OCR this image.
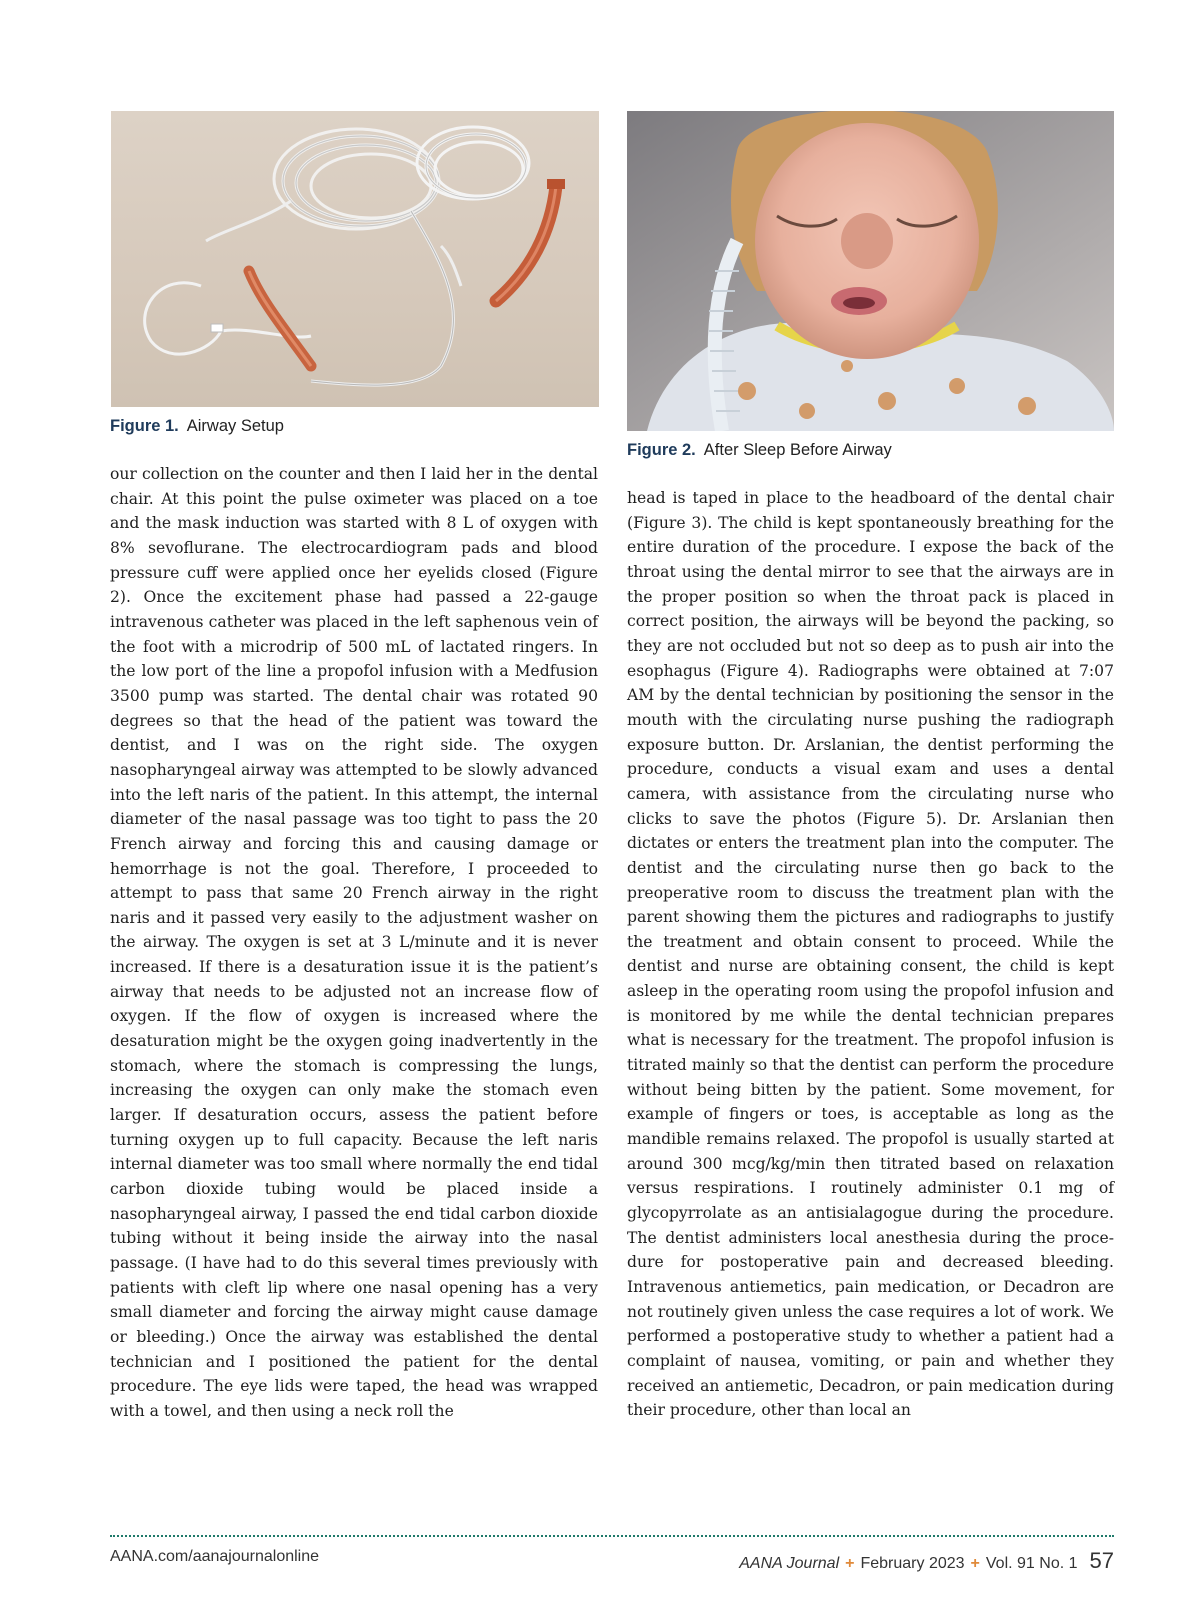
Figure 1. Airway Setup
Figure 2. After Sleep Before Airway

our collection on the counter and then I laid her in the dental chair. At this point the pulse oximeter was placed on a toe and the mask induction was started with 8 L of oxygen with 8% sevoflurane. The electrocardiogram pads and blood pressure cuff were applied once her eyelids closed (Figure 2). Once the excitement phase had passed a 22-gauge intravenous catheter was placed in the left saphenous vein of the foot with a microdrip of 500 mL of lactated ringers. In the low port of the line a propofol infusion with a Medfusion 3500 pump was started. The dental chair was rotated 90 degrees so that the head of the patient was toward the dentist, and I was on the right side. The oxygen nasopharyngeal airway was attempted to be slowly advanced into the left naris of the patient. In this attempt, the internal diameter of the nasal passage was too tight to pass the 20 French airway and forcing this and causing damage or hemorrhage is not the goal. Therefore, I proceeded to attempt to pass that same 20 French airway in the right naris and it passed very easily to the adjustment washer on the airway. The oxygen is set at 3 L/minute and it is never increased. If there is a desaturation issue it is the patient’s airway that needs to be adjusted not an increase flow of oxygen. If the flow of oxygen is increased where the desaturation might be the oxygen going inadvertently in the stomach, where the stomach is compressing the lungs, increasing the oxygen can only make the stomach even larger. If desaturation occurs, assess the patient before turning oxygen up to full capacity. Because the left naris internal diameter was too small where normally the end tidal carbon dioxide tubing would be placed inside a nasopharyngeal airway, I passed the end tidal carbon dioxide tubing without it being inside the airway into the nasal passage. (I have had to do this several times previously with patients with cleft lip where one nasal opening has a very small diameter and forcing the airway might cause damage or bleeding.) Once the airway was established the dental technician and I positioned the patient for the dental procedure. The eye lids were taped, the head was wrapped with a towel, and then using a neck roll the

head is taped in place to the headboard of the dental chair (Figure 3). The child is kept spontaneously breathing for the entire duration of the procedure. I expose the back of the throat using the dental mirror to see that the airways are in the proper position so when the throat pack is placed in correct position, the airways will be beyond the packing, so they are not occluded but not so deep as to push air into the esophagus (Figure 4). Radiographs were obtained at 7:07 AM by the dental technician by positioning the sensor in the mouth with the circulating nurse pushing the radiograph exposure button. Dr. Arslanian, the dentist performing the procedure, conducts a visual exam and uses a dental camera, with assistance from the circulating nurse who clicks to save the photos (Figure 5). Dr. Arslanian then dictates or enters the treatment plan into the computer. The dentist and the circulating nurse then go back to the preoperative room to discuss the treatment plan with the parent showing them the pictures and radiographs to justify the treatment and obtain consent to proceed. While the dentist and nurse are obtaining consent, the child is kept asleep in the operating room using the propofol infusion and is monitored by me while the dental technician prepares what is necessary for the treatment. The propofol infusion is titrated mainly so that the dentist can perform the procedure without being bitten by the patient. Some movement, for example of fingers or toes, is acceptable as long as the mandible remains relaxed. The propofol is usually started at around 300 mcg/kg/min then titrated based on relaxation versus respirations. I routinely administer 0.1 mg of glycopyrrolate as an antisialagogue during the procedure. The dentist administers local anesthesia during the procedure for postoperative pain and decreased bleeding. Intravenous antiemetics, pain medication, or Decadron are not routinely given unless the case requires a lot of work. We performed a postoperative study to whether a patient had a complaint of nausea, vomiting, or pain and whether they received an antiemetic, Decadron, or pain medication during their procedure, other than local an

AANA.com/aanajournalonline	AANA Journal + February 2023 + Vol. 91 No. 1 57
